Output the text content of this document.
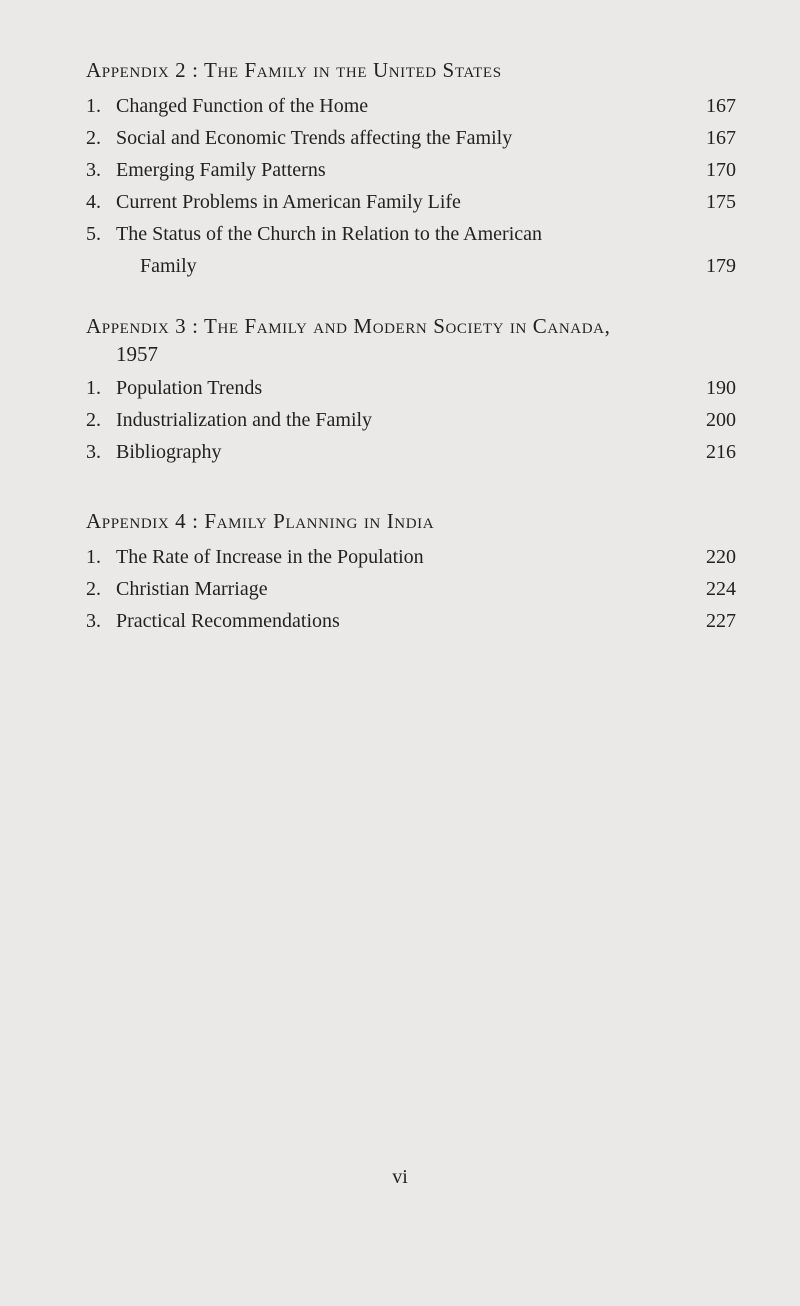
Appendix 2 : The Family in the United States
1. Changed Function of the Home	167
2. Social and Economic Trends affecting the Family	167
3. Emerging Family Patterns	170
4. Current Problems in American Family Life	175
5. The Status of the Church in Relation to the American
Family	179
Appendix 3 : The Family and Modern Society in Canada,
1957
1. Population Trends	190
2. Industrialization and the Family	200
3. Bibliography	216
Appendix 4 : Family Planning in India
1. The Rate of Increase in the Population	220
2. Christian Marriage	224
3. Practical Recommendations	227
vi
